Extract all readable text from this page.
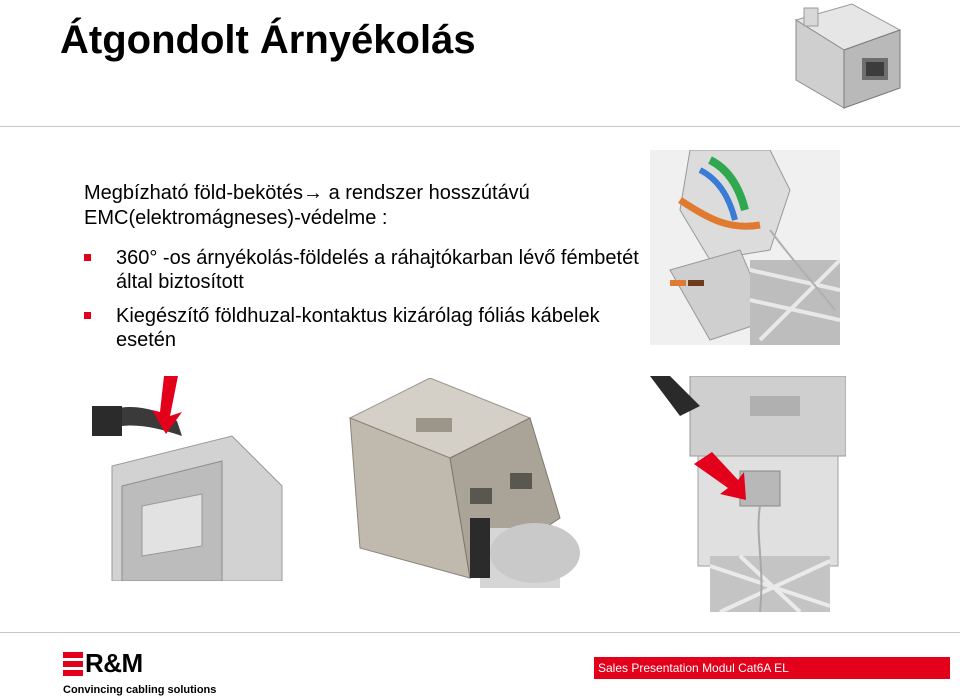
Átgondolt Árnyékolás
Megbízható föld-bekötés→ a rendszer hosszútávú
EMC(elektromágneses)-védelme :
360° -os árnyékolás-földelés a ráhajtókarban lévő fémbetét által biztosított
Kiegészítő földhuzal-kontaktus kizárólag fóliás kábelek esetén
R&M
Convincing cabling solutions
Sales Presentation Modul Cat6A EL
